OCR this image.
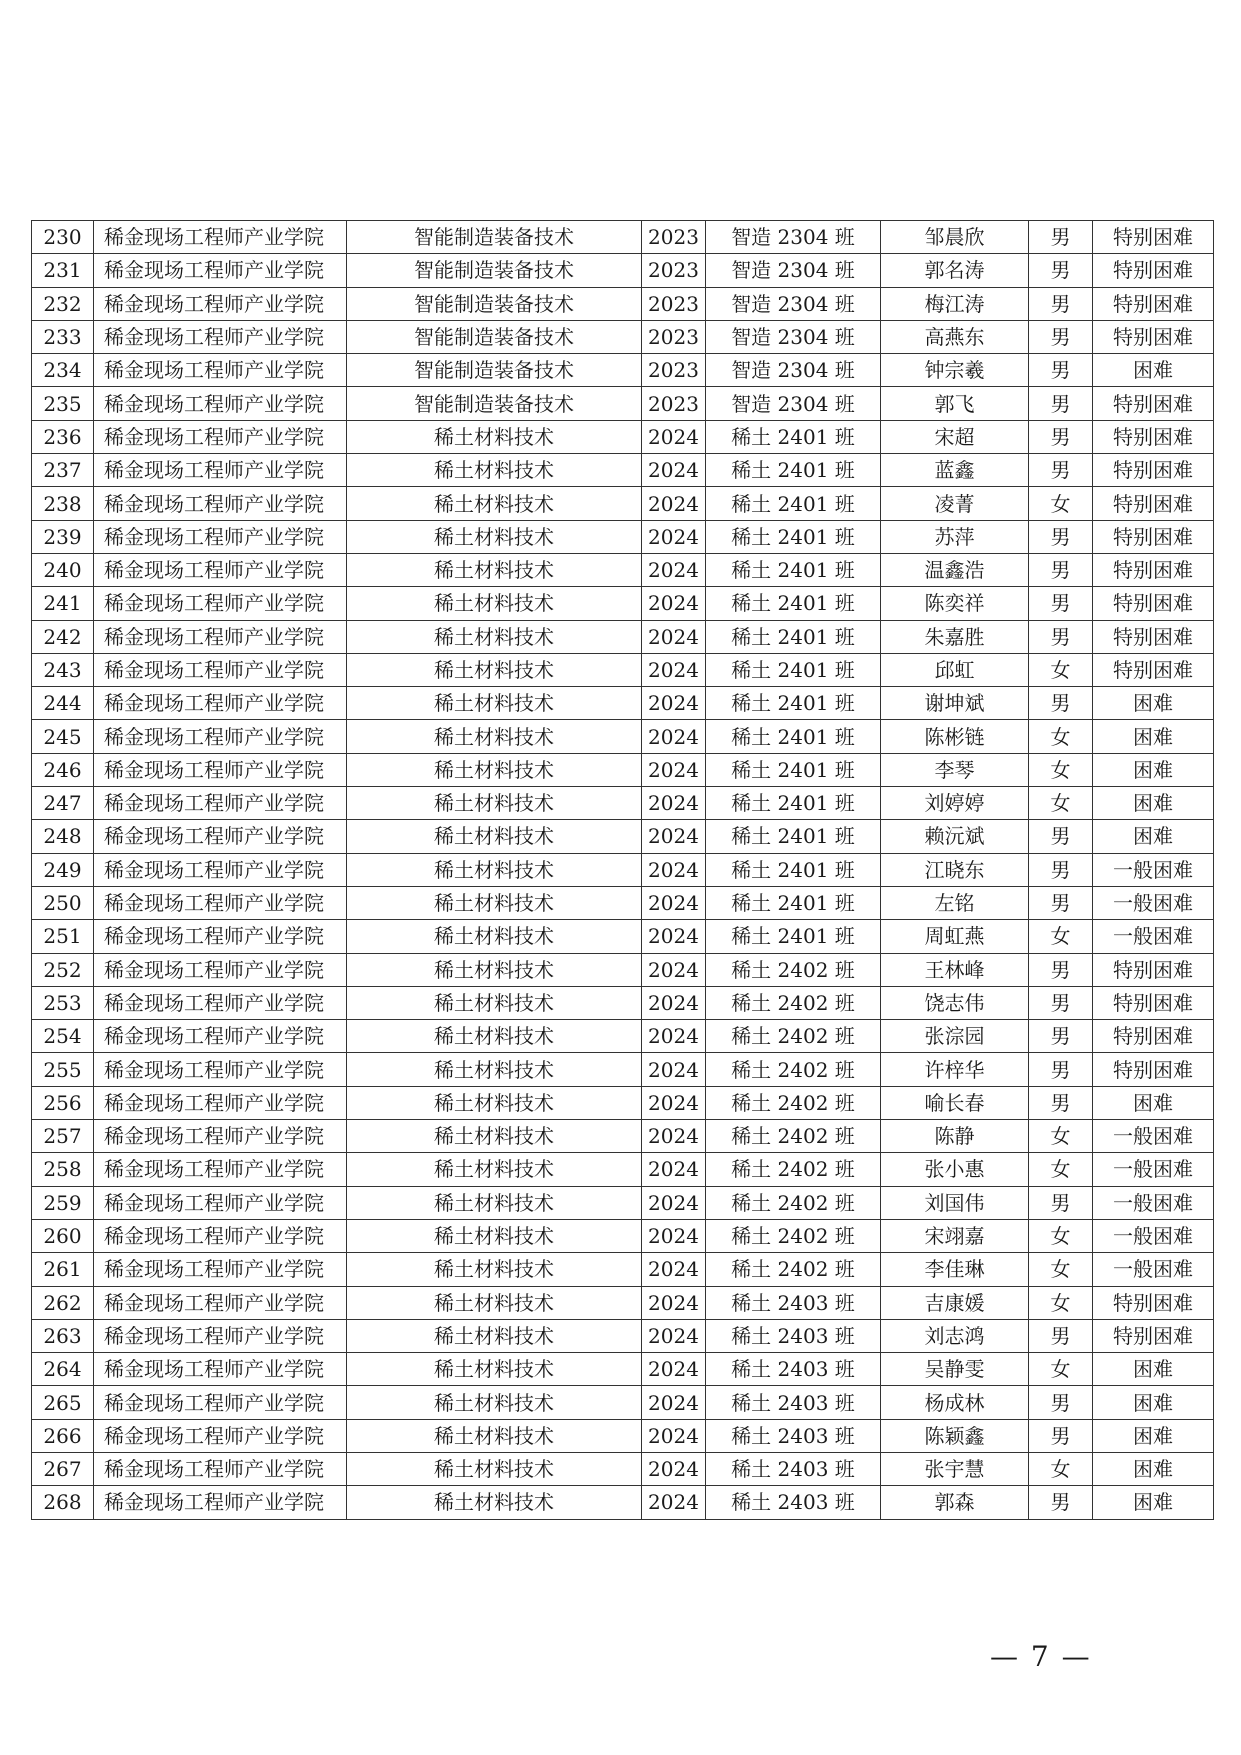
230	稀金现场工程师产业学院	智能制造装备技术	2023	智造 2304 班	邹晨欣	男	特别困难
231	稀金现场工程师产业学院	智能制造装备技术	2023	智造 2304 班	郭名涛	男	特别困难
232	稀金现场工程师产业学院	智能制造装备技术	2023	智造 2304 班	梅江涛	男	特别困难
233	稀金现场工程师产业学院	智能制造装备技术	2023	智造 2304 班	高燕东	男	特别困难
234	稀金现场工程师产业学院	智能制造装备技术	2023	智造 2304 班	钟宗羲	男	困难
235	稀金现场工程师产业学院	智能制造装备技术	2023	智造 2304 班	郭飞	男	特别困难
236	稀金现场工程师产业学院	稀土材料技术	2024	稀土 2401 班	宋超	男	特别困难
237	稀金现场工程师产业学院	稀土材料技术	2024	稀土 2401 班	蓝鑫	男	特别困难
238	稀金现场工程师产业学院	稀土材料技术	2024	稀土 2401 班	凌菁	女	特别困难
239	稀金现场工程师产业学院	稀土材料技术	2024	稀土 2401 班	苏萍	男	特别困难
240	稀金现场工程师产业学院	稀土材料技术	2024	稀土 2401 班	温鑫浩	男	特别困难
241	稀金现场工程师产业学院	稀土材料技术	2024	稀土 2401 班	陈奕祥	男	特别困难
242	稀金现场工程师产业学院	稀土材料技术	2024	稀土 2401 班	朱嘉胜	男	特别困难
243	稀金现场工程师产业学院	稀土材料技术	2024	稀土 2401 班	邱虹	女	特别困难
244	稀金现场工程师产业学院	稀土材料技术	2024	稀土 2401 班	谢坤斌	男	困难
245	稀金现场工程师产业学院	稀土材料技术	2024	稀土 2401 班	陈彬链	女	困难
246	稀金现场工程师产业学院	稀土材料技术	2024	稀土 2401 班	李琴	女	困难
247	稀金现场工程师产业学院	稀土材料技术	2024	稀土 2401 班	刘婷婷	女	困难
248	稀金现场工程师产业学院	稀土材料技术	2024	稀土 2401 班	赖沅斌	男	困难
249	稀金现场工程师产业学院	稀土材料技术	2024	稀土 2401 班	江晓东	男	一般困难
250	稀金现场工程师产业学院	稀土材料技术	2024	稀土 2401 班	左铭	男	一般困难
251	稀金现场工程师产业学院	稀土材料技术	2024	稀土 2401 班	周虹燕	女	一般困难
252	稀金现场工程师产业学院	稀土材料技术	2024	稀土 2402 班	王林峰	男	特别困难
253	稀金现场工程师产业学院	稀土材料技术	2024	稀土 2402 班	饶志伟	男	特别困难
254	稀金现场工程师产业学院	稀土材料技术	2024	稀土 2402 班	张淙园	男	特别困难
255	稀金现场工程师产业学院	稀土材料技术	2024	稀土 2402 班	许梓华	男	特别困难
256	稀金现场工程师产业学院	稀土材料技术	2024	稀土 2402 班	喻长春	男	困难
257	稀金现场工程师产业学院	稀土材料技术	2024	稀土 2402 班	陈静	女	一般困难
258	稀金现场工程师产业学院	稀土材料技术	2024	稀土 2402 班	张小惠	女	一般困难
259	稀金现场工程师产业学院	稀土材料技术	2024	稀土 2402 班	刘国伟	男	一般困难
260	稀金现场工程师产业学院	稀土材料技术	2024	稀土 2402 班	宋翊嘉	女	一般困难
261	稀金现场工程师产业学院	稀土材料技术	2024	稀土 2402 班	李佳琳	女	一般困难
262	稀金现场工程师产业学院	稀土材料技术	2024	稀土 2403 班	吉康媛	女	特别困难
263	稀金现场工程师产业学院	稀土材料技术	2024	稀土 2403 班	刘志鸿	男	特别困难
264	稀金现场工程师产业学院	稀土材料技术	2024	稀土 2403 班	吴静雯	女	困难
265	稀金现场工程师产业学院	稀土材料技术	2024	稀土 2403 班	杨成林	男	困难
266	稀金现场工程师产业学院	稀土材料技术	2024	稀土 2403 班	陈颖鑫	男	困难
267	稀金现场工程师产业学院	稀土材料技术	2024	稀土 2403 班	张宇慧	女	困难
268	稀金现场工程师产业学院	稀土材料技术	2024	稀土 2403 班	郭森	男	困难
— 7 —
